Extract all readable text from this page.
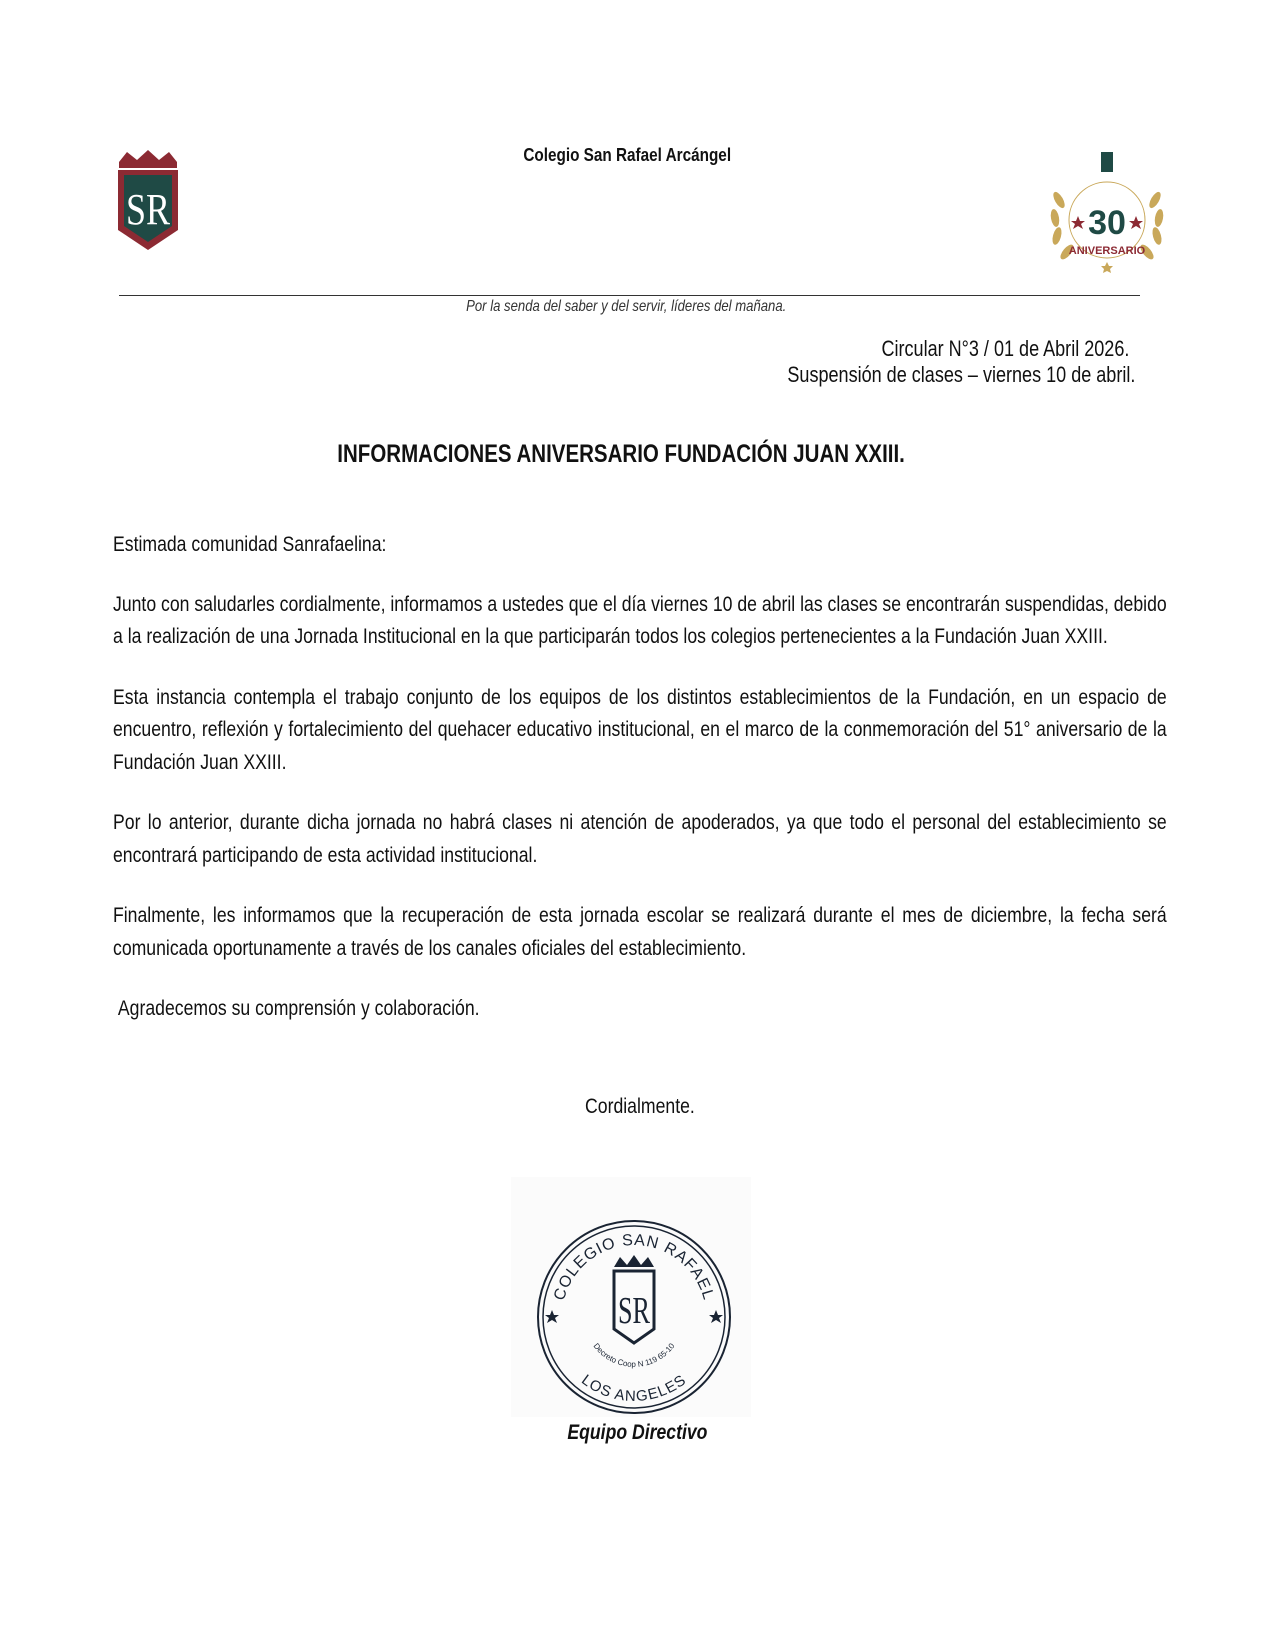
SR
Colegio San Rafael Arcángel
30
ANIVERSARIO
Por la senda del saber y del servir, líderes del mañana.
Circular N°3 / 01 de Abril 2026.
Suspensión de clases – viernes 10 de abril.
INFORMACIONES ANIVERSARIO FUNDACIÓN JUAN XXIII.

Estimada comunidad Sanrafaelina:

Junto con saludarles cordialmente, informamos a ustedes que el día viernes 10 de abril las clases se encontrarán suspendidas, debido a la realización de una Jornada Institucional en la que participarán todos los colegios pertenecientes a la Fundación Juan XXIII.

Esta instancia contempla el trabajo conjunto de los equipos de los distintos establecimientos de la Fundación, en un espacio de encuentro, reflexión y fortalecimiento del quehacer educativo institucional, en el marco de la conmemoración del 51° aniversario de la Fundación Juan XXIII.

Por lo anterior, durante dicha jornada no habrá clases ni atención de apoderados, ya que todo el personal del establecimiento se encontrará participando de esta actividad institucional.

Finalmente, les informamos que la recuperación de esta jornada escolar se realizará durante el mes de diciembre, la fecha será comunicada oportunamente a través de los canales oficiales del establecimiento.

Agradecemos su comprensión y colaboración.

Cordialmente.
COLEGIO SAN RAFAEL
LOS ANGELES
Decreto Coop N 119 65-10
SR
Equipo Directivo
